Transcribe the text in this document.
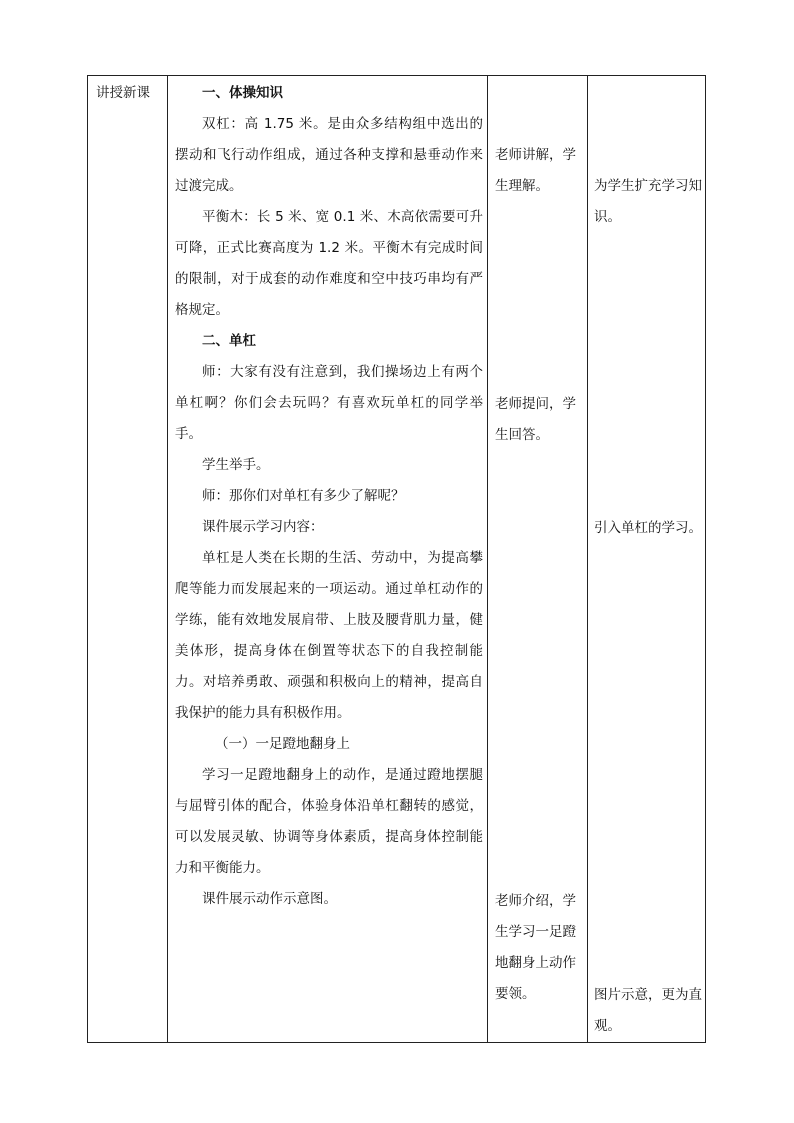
讲授新课	一、体操知识

双杠：高 1.75 米。是由众多结构组中选出的摆动和飞行动作组成，通过各种支撑和悬垂动作来过渡完成。

平衡木：长 5 米、宽 0.1 米、木高依需要可升可降，正式比赛高度为 1.2 米。平衡木有完成时间的限制，对于成套的动作难度和空中技巧串均有严格规定。

二、单杠

师：大家有没有注意到，我们操场边上有两个单杠啊？你们会去玩吗？有喜欢玩单杠的同学举手。

学生举手。

师：那你们对单杠有多少了解呢？

课件展示学习内容：

单杠是人类在长期的生活、劳动中，为提高攀爬等能力而发展起来的一项运动。通过单杠动作的学练，能有效地发展肩带、上肢及腰背肌力量，健美体形，提高身体在倒置等状态下的自我控制能力。对培养勇敢、顽强和积极向上的精神，提高自我保护的能力具有积极作用。

（一）一足蹬地翻身上

学习一足蹬地翻身上的动作，是通过蹬地摆腿与屈臂引体的配合，体验身体沿单杠翻转的感觉，可以发展灵敏、协调等身体素质，提高身体控制能力和平衡能力。

课件展示动作示意图。

老师讲解，学生理解。
老师提问，学生回答。
老师介绍，学生学习一足蹬地翻身上动作要领。
为学生扩充学习知识。
引入单杠的学习。
图片示意，更为直观。
